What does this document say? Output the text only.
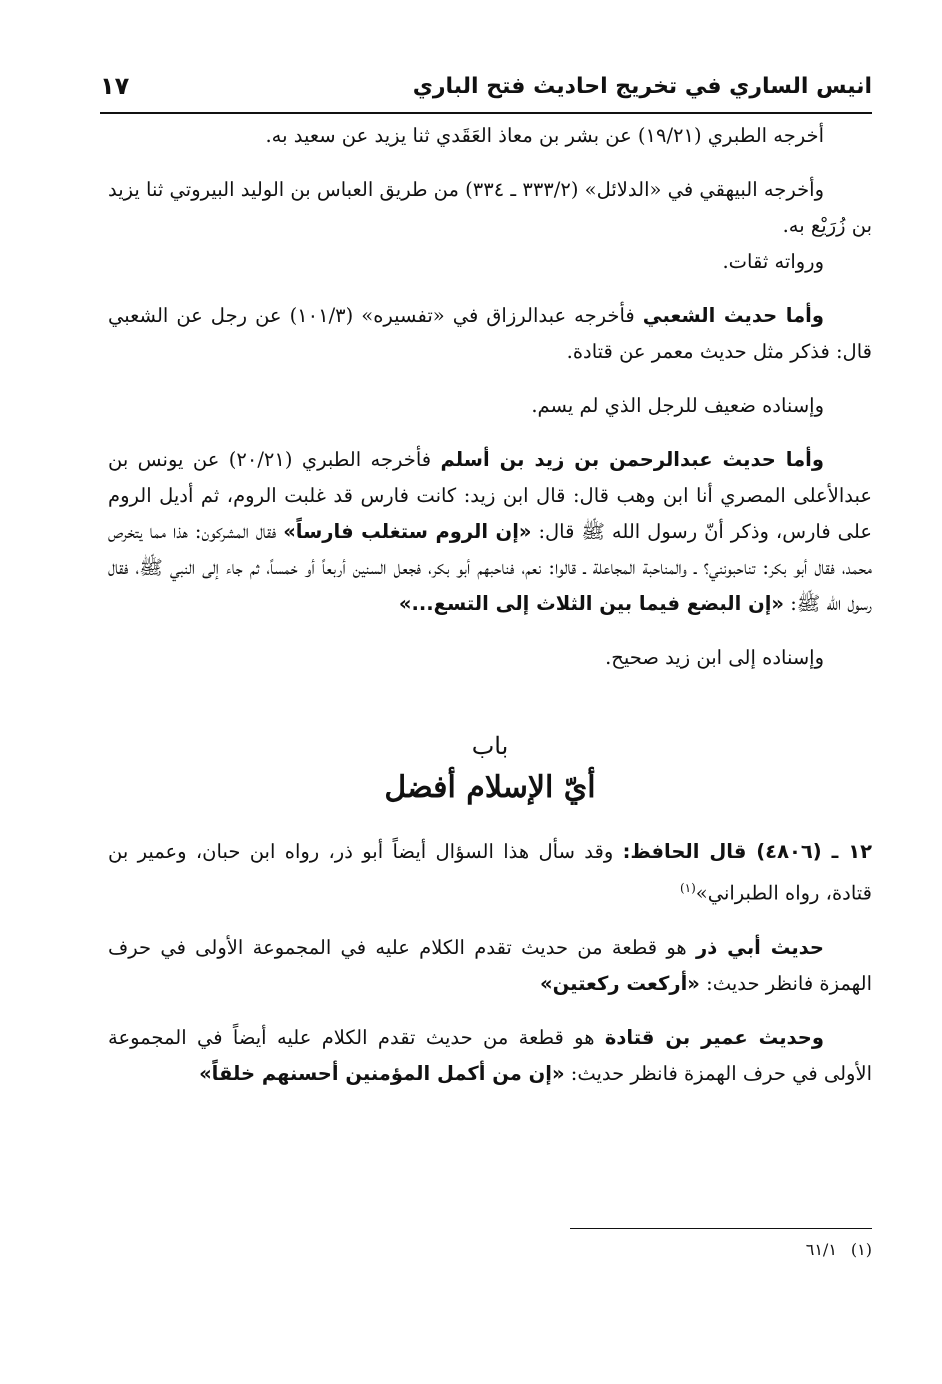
انيس الساري في تخريج احاديث فتح الباري
١٧

أخرجه الطبري (١٩/٢١) عن بشر بن معاذ العَقَدي ثنا يزيد عن سعيد به.

وأخرجه البيهقي في «الدلائل» (٣٣٣/٢ ـ ٣٣٤) من طريق العباس بن الوليد البيروتي ثنا يزيد بن زُرَيْع به.

ورواته ثقات.

وأما حديث الشعبي فأخرجه عبدالرزاق في «تفسيره» (١٠١/٣) عن رجل عن الشعبي قال: فذكر مثل حديث معمر عن قتادة.

وإسناده ضعيف للرجل الذي لم يسم.

وأما حديث عبدالرحمن بن زيد بن أسلم فأخرجه الطبري (٢٠/٢١) عن يونس بن عبدالأعلى المصري أنا ابن وهب قال: قال ابن زيد: كانت فارس قد غلبت الروم، ثم أديل الروم على فارس، وذكر أنّ رسول الله ﷺ قال: «إن الروم ستغلب فارساً» فقال المشركون: هذا مما يتخرص محمد، فقال أبو بكر: تناحبونني؟ ـ والمناحبة المجاعلة ـ قالوا: نعم، فناحبهم أبو بكر، فجعل السنين أربعاً أو خمساً، ثم جاء إلى النبي ﷺ، فقال رسول الله ﷺ: «إن البضع فيما بين الثلاث إلى التسع...»

وإسناده إلى ابن زيد صحيح.

باب
أيّ الإسلام أفضل

١٢ ـ (٤٨٠٦) قال الحافظ: وقد سأل هذا السؤال أيضاً أبو ذر، رواه ابن حبان، وعمير بن قتادة، رواه الطبراني»$^{(١)}$

حديث أبي ذر هو قطعة من حديث تقدم الكلام عليه في المجموعة الأولى في حرف الهمزة فانظر حديث: «أركعت ركعتين»

وحديث عمير بن قتادة هو قطعة من حديث تقدم الكلام عليه أيضاً في المجموعة الأولى في حرف الهمزة فانظر حديث: «إن من أكمل المؤمنين أحسنهم خلقاً»

(١)٦١/١
